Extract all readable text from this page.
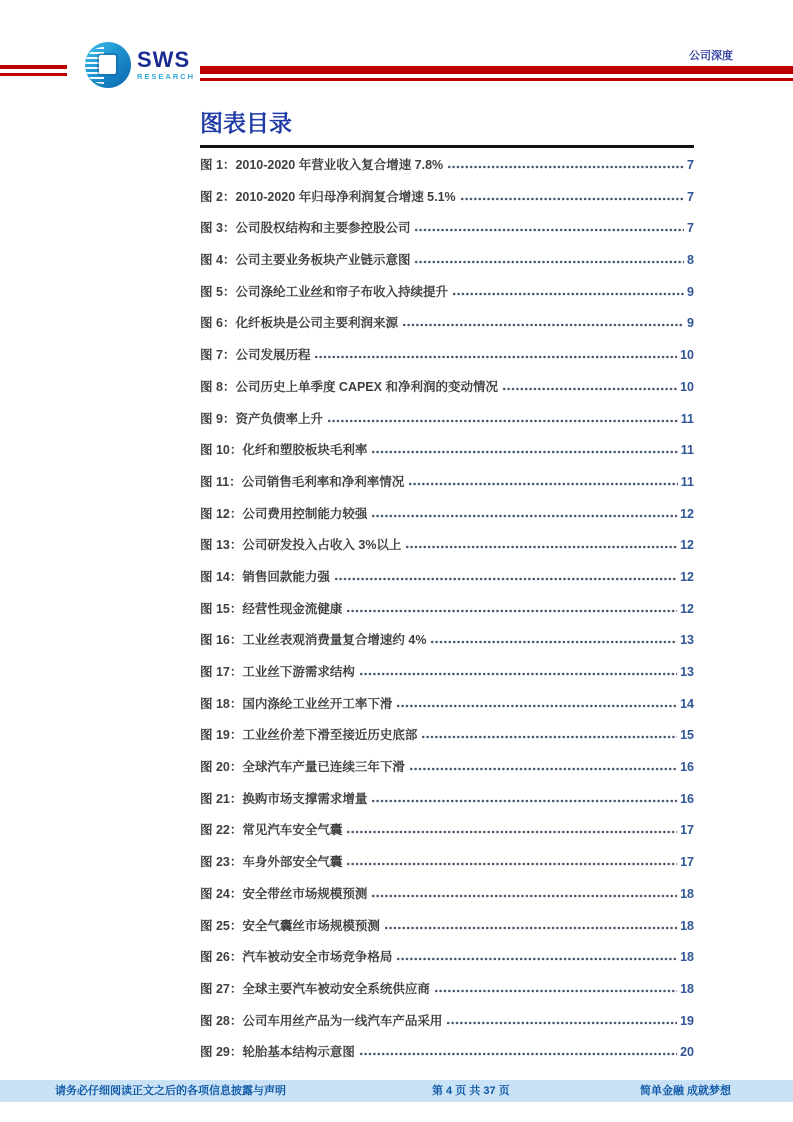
SWS
RESEARCH
公司深度
图表目录
图 1： 2010-2020 年营业收入复合增速 7.8%	7
图 2： 2010-2020 年归母净利润复合增速 5.1%	7
图 3： 公司股权结构和主要参控股公司	7
图 4： 公司主要业务板块产业链示意图	8
图 5： 公司涤纶工业丝和帘子布收入持续提升	9
图 6： 化纤板块是公司主要利润来源	9
图 7： 公司发展历程	10
图 8： 公司历史上单季度 CAPEX 和净利润的变动情况	10
图 9： 资产负债率上升	11
图 10： 化纤和塑胶板块毛利率	11
图 11： 公司销售毛利率和净利率情况	11
图 12： 公司费用控制能力较强	12
图 13： 公司研发投入占收入 3%以上	12
图 14： 销售回款能力强	12
图 15： 经营性现金流健康	12
图 16： 工业丝表观消费量复合增速约 4%	13
图 17： 工业丝下游需求结构	13
图 18： 国内涤纶工业丝开工率下滑	14
图 19： 工业丝价差下滑至接近历史底部	15
图 20： 全球汽车产量已连续三年下滑	16
图 21： 换购市场支撑需求增量	16
图 22： 常见汽车安全气囊	17
图 23： 车身外部安全气囊	17
图 24： 安全带丝市场规模预测	18
图 25： 安全气囊丝市场规模预测	18
图 26： 汽车被动安全市场竞争格局	18
图 27： 全球主要汽车被动安全系统供应商	18
图 28： 公司车用丝产品为一线汽车产品采用	19
图 29： 轮胎基本结构示意图	20
请务必仔细阅读正文之后的各项信息披露与声明	第 4 页 共 37 页	简单金融 成就梦想
